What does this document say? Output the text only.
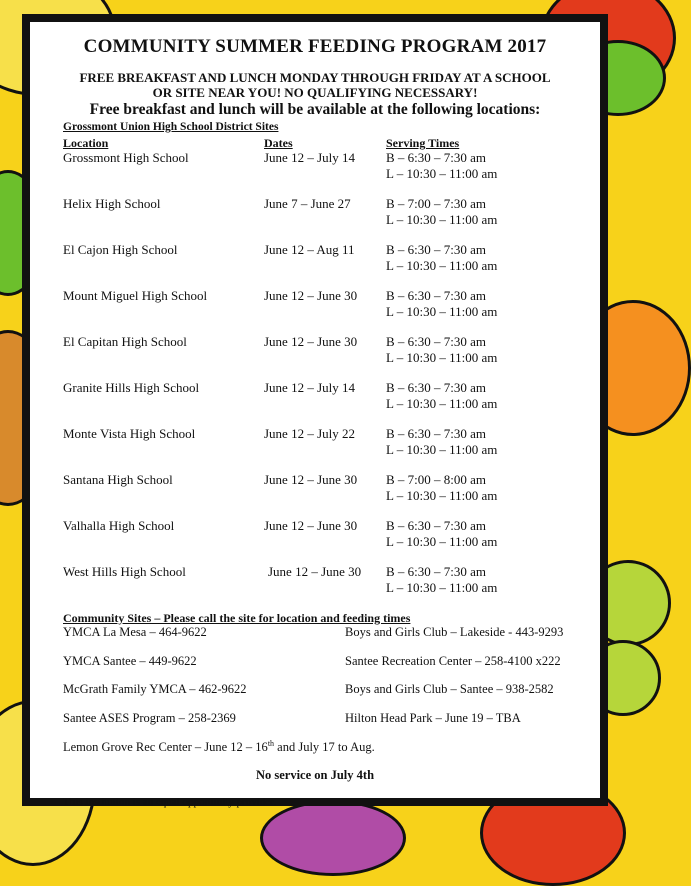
COMMUNITY SUMMER FEEDING PROGRAM 2017
FREE BREAKFAST AND LUNCH MONDAY THROUGH FRIDAY AT A SCHOOL
OR SITE NEAR YOU! NO QUALIFYING NECESSARY!
Free breakfast and lunch will be available at the following locations:
Grossmont Union High School District Sites
Location	Dates	Serving Times
Grossmont High School	June 12 – July 14 B – 6:30 – 7:30 am
L – 10:30 – 11:00 am
Helix High School	June 7 – June 27	B – 7:00 – 7:30 am
L – 10:30 – 11:00 am
El Cajon High School	June 12 – Aug 11 B – 6:30 – 7:30 am
L – 10:30 – 11:00 am
Mount Miguel High School	June 12 – June 30 B – 6:30 – 7:30 am
L – 10:30 – 11:00 am
El Capitan High School	June 12 – June 30 B – 6:30 – 7:30 am
L – 10:30 – 11:00 am
Granite Hills High School	June 12 – July 14 B – 6:30 – 7:30 am
L – 10:30 – 11:00 am
Monte Vista High School	June 12 – July 22 B – 6:30 – 7:30 am
L – 10:30 – 11:00 am
Santana High School	June 12 – June 30 B – 7:00 – 8:00 am
L – 10:30 – 11:00 am
Valhalla High School	June 12 – June 30 B – 6:30 – 7:30 am
L – 10:30 – 11:00 am
West Hills High School	June 12 – June 30 B – 6:30 – 7:30 am
L – 10:30 – 11:00 am
Community Sites – Please call the site for location and feeding times
YMCA La Mesa – 464-9622	Boys and Girls Club – Lakeside - 443-9293
YMCA Santee – 449-9622	Santee Recreation Center – 258-4100 x222
McGrath Family YMCA – 462-9622	Boys and Girls Club – Santee – 938-2582
Santee ASES Program – 258-2369	Hilton Head Park – June 19 – TBA
Lemon Grove Rec Center – June 12 – 16th and July 17 to Aug.
No service on July 4th
This institution is an equal opportunity provider.
